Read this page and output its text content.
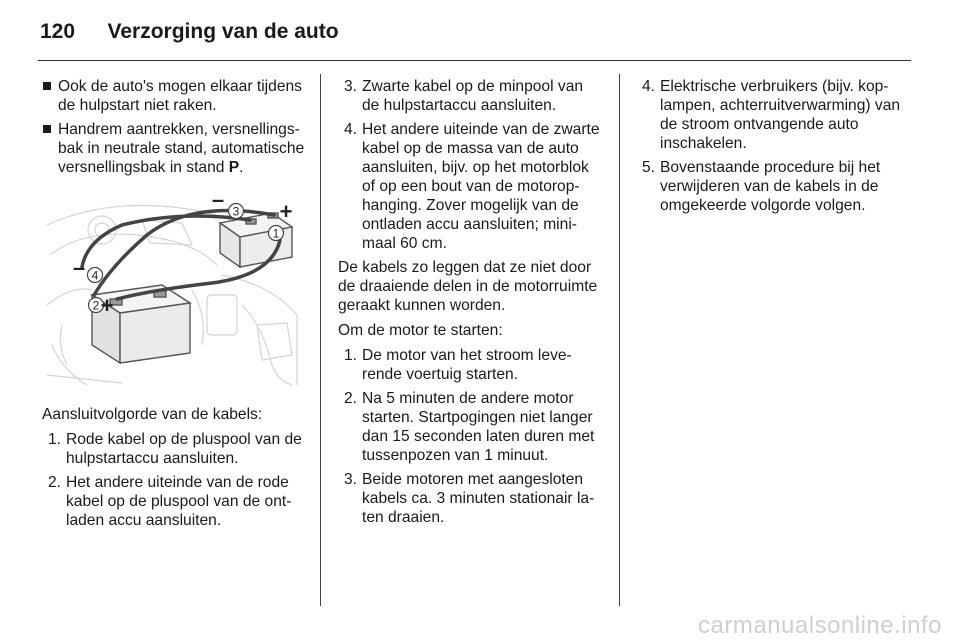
120 Verzorging van de auto
Ook de auto's mogen elkaar tijdens de hulpstart niet raken.
Handrem aantrekken, versnellingsbak in neutrale stand, automatische versnellingsbak in stand P.
1
2
3
4
+
+
–
–
Aansluitvolgorde van de kabels:
1. Rode kabel op de pluspool van de hulpstartaccu aansluiten.
2. Het andere uiteinde van de rode kabel op de pluspool van de ontladen accu aansluiten.
3. Zwarte kabel op de minpool van de hulpstartaccu aansluiten.
4. Het andere uiteinde van de zwarte kabel op de massa van de auto aansluiten, bijv. op het motorblok of op een bout van de motorophanging. Zover mogelijk van de ontladen accu aansluiten; minimaal 60 cm.
De kabels zo leggen dat ze niet door de draaiende delen in de motorruimte geraakt kunnen worden.
Om de motor te starten:
1. De motor van het stroom leverende voertuig starten.
2. Na 5 minuten de andere motor starten. Startpogingen niet langer dan 15 seconden laten duren met tussenpozen van 1 minuut.
3. Beide motoren met aangesloten kabels ca. 3 minuten stationair laten draaien.
4. Elektrische verbruikers (bijv. koplampen, achterruitverwarming) van de stroom ontvangende auto inschakelen.
5. Bovenstaande procedure bij het verwijderen van de kabels in de omgekeerde volgorde volgen.
carmanualsonline.info
